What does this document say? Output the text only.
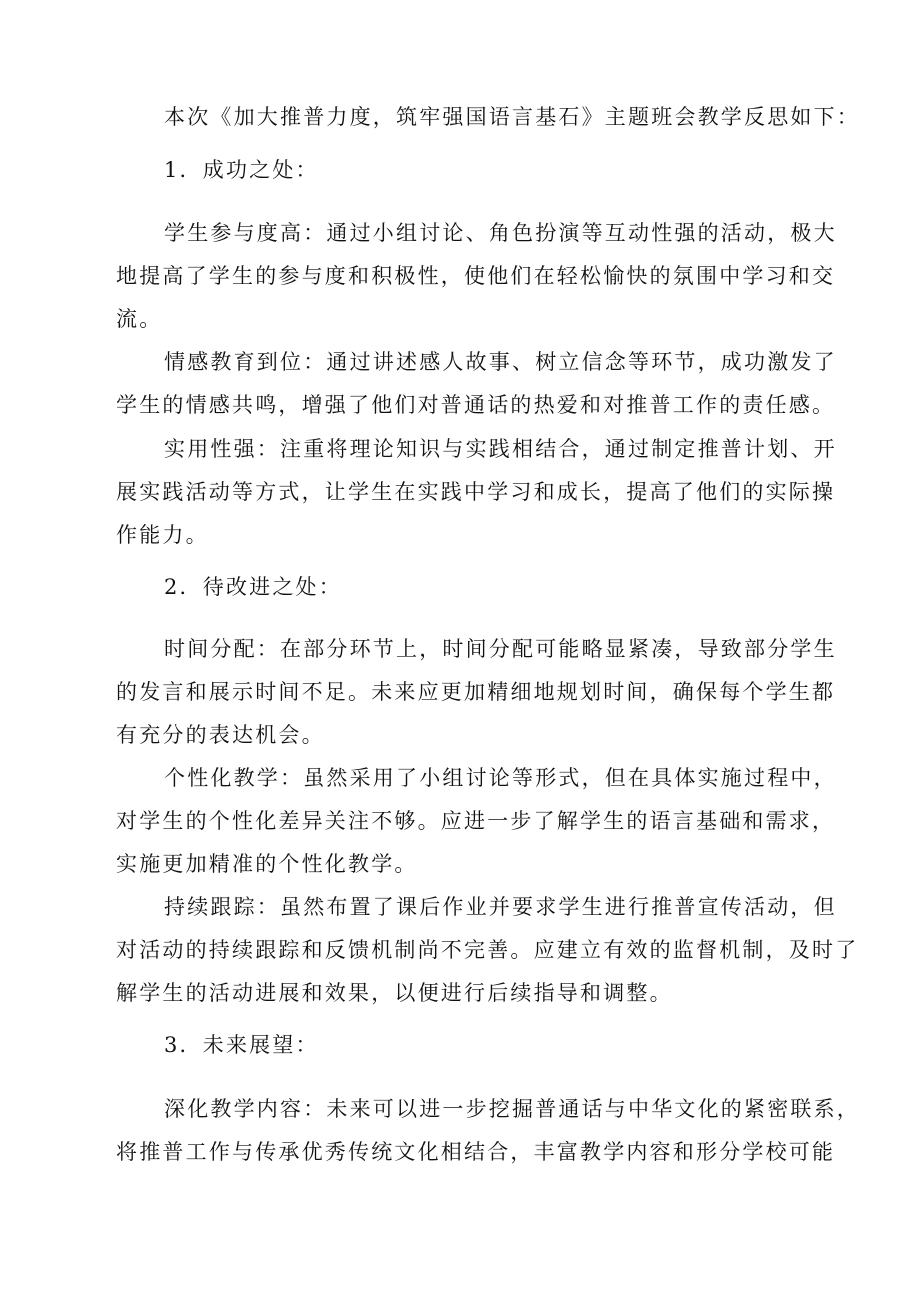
本次《加大推普力度，筑牢强国语言基石》主题班会教学反思如下：
1．成功之处：
学生参与度高：通过小组讨论、角色扮演等互动性强的活动，极大
地提高了学生的参与度和积极性，使他们在轻松愉快的氛围中学习和交
流。
情感教育到位：通过讲述感人故事、树立信念等环节，成功激发了
学生的情感共鸣，增强了他们对普通话的热爱和对推普工作的责任感。
实用性强：注重将理论知识与实践相结合，通过制定推普计划、开
展实践活动等方式，让学生在实践中学习和成长，提高了他们的实际操
作能力。
2．待改进之处：
时间分配：在部分环节上，时间分配可能略显紧凑，导致部分学生
的发言和展示时间不足。未来应更加精细地规划时间，确保每个学生都
有充分的表达机会。
个性化教学：虽然采用了小组讨论等形式，但在具体实施过程中，
对学生的个性化差异关注不够。应进一步了解学生的语言基础和需求，
实施更加精准的个性化教学。
持续跟踪：虽然布置了课后作业并要求学生进行推普宣传活动，但
对活动的持续跟踪和反馈机制尚不完善。应建立有效的监督机制，及时了
解学生的活动进展和效果，以便进行后续指导和调整。
3．未来展望：
深化教学内容：未来可以进一步挖掘普通话与中华文化的紧密联系，
将推普工作与传承优秀传统文化相结合，丰富教学内容和形分学校可能
